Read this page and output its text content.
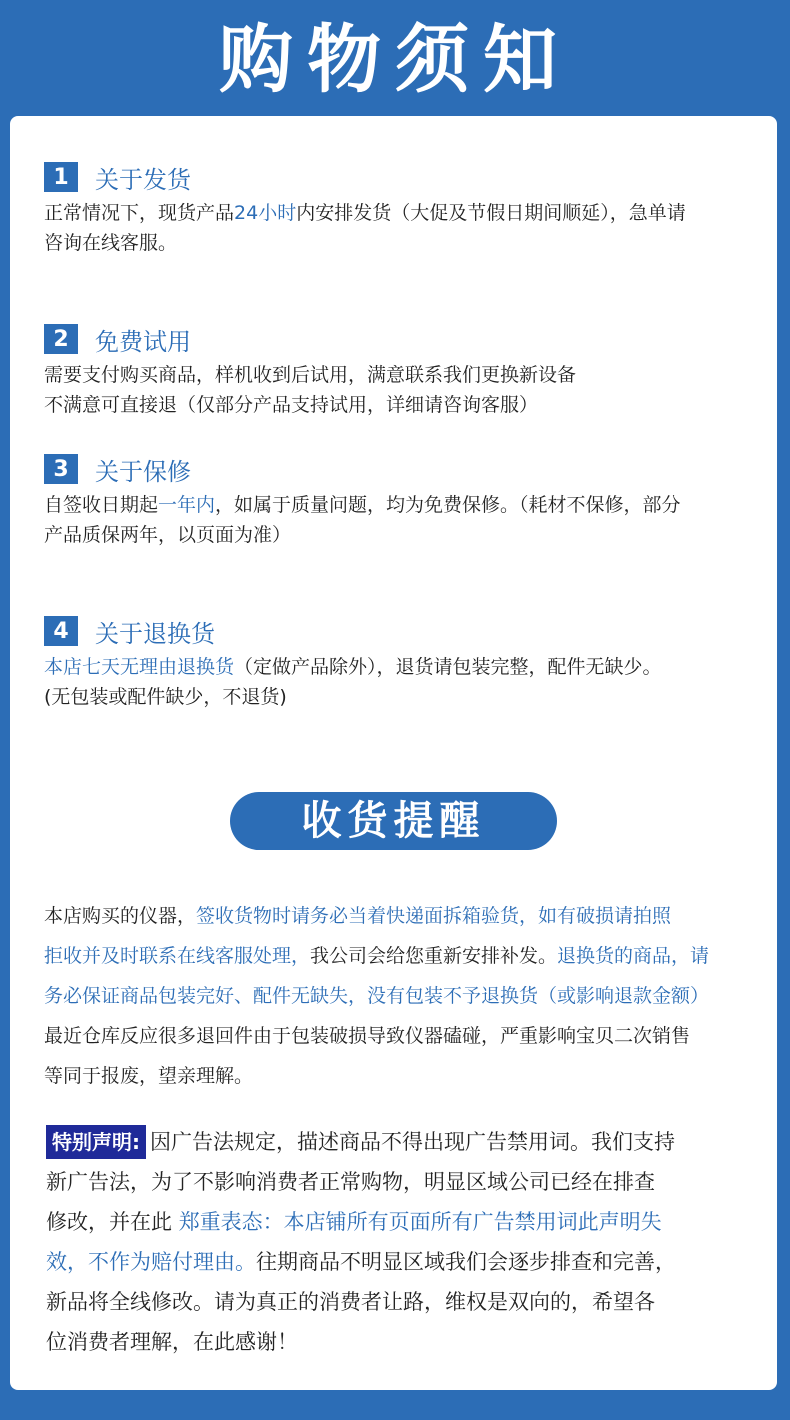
购物须知
1	关于发货
正常情况下，现货产品24小时内安排发货（大促及节假日期间顺延），急单请
咨询在线客服。
2	免费试用
需要支付购买商品，样机收到后试用，满意联系我们更换新设备
不满意可直接退（仅部分产品支持试用，详细请咨询客服）
3	关于保修
自签收日期起一年内，如属于质量问题，均为免费保修。（耗材不保修，部分
产品质保两年，以页面为准）
4	关于退换货
本店七天无理由退换货（定做产品除外），退货请包装完整，配件无缺少。
(无包装或配件缺少，不退货)
收货提醒

本店购买的仪器，签收货物时请务必当着快递面拆箱验货，如有破损请拍照

拒收并及时联系在线客服处理，我公司会给您重新安排补发。退换货的商品，请

务必保证商品包装完好、配件无缺失，没有包装不予退换货（或影响退款金额）

最近仓库反应很多退回件由于包装破损导致仪器磕碰，严重影响宝贝二次销售

等同于报废，望亲理解。

特别声明: 因广告法规定，描述商品不得出现广告禁用词。我们支持

新广告法，为了不影响消费者正常购物，明显区域公司已经在排查

修改，并在此 郑重表态：本店铺所有页面所有广告禁用词此声明失

效，不作为赔付理由。往期商品不明显区域我们会逐步排查和完善，

新品将全线修改。请为真正的消费者让路，维权是双向的，希望各

位消费者理解，在此感谢！
